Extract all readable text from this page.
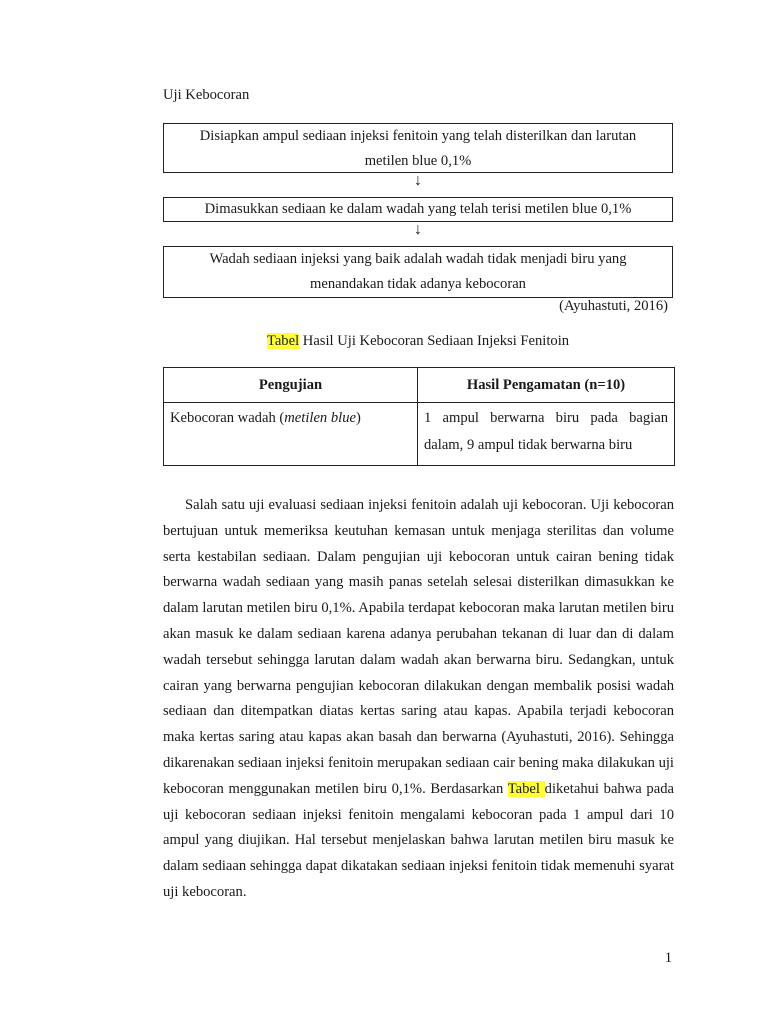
Uji Kebocoran
Disiapkan ampul sediaan injeksi fenitoin yang telah disterilkan dan larutan metilen blue 0,1%
↓
Dimasukkan sediaan ke dalam wadah yang telah terisi metilen blue 0,1%
↓
Wadah sediaan injeksi yang baik adalah wadah tidak menjadi biru yang menandakan tidak adanya kebocoran
(Ayuhastuti, 2016)
Tabel Hasil Uji Kebocoran Sediaan Injeksi Fenitoin
Pengujian	Hasil Pengamatan (n=10)
Kebocoran wadah (metilen blue)	1 ampul berwarna biru pada bagian dalam, 9 ampul tidak berwarna biru
Salah satu uji evaluasi sediaan injeksi fenitoin adalah uji kebocoran. Uji kebocoran bertujuan untuk memeriksa keutuhan kemasan untuk menjaga sterilitas dan volume serta kestabilan sediaan. Dalam pengujian uji kebocoran untuk cairan bening tidak berwarna wadah sediaan yang masih panas setelah selesai disterilkan dimasukkan ke dalam larutan metilen biru 0,1%. Apabila terdapat kebocoran maka larutan metilen biru akan masuk ke dalam sediaan karena adanya perubahan tekanan di luar dan di dalam wadah tersebut sehingga larutan dalam wadah akan berwarna biru. Sedangkan, untuk cairan yang berwarna pengujian kebocoran dilakukan dengan membalik posisi wadah sediaan dan ditempatkan diatas kertas saring atau kapas. Apabila terjadi kebocoran maka kertas saring atau kapas akan basah dan berwarna (Ayuhastuti, 2016). Sehingga dikarenakan sediaan injeksi fenitoin merupakan sediaan cair bening maka dilakukan uji kebocoran menggunakan metilen biru 0,1%. Berdasarkan Tabel diketahui bahwa pada uji kebocoran sediaan injeksi fenitoin mengalami kebocoran pada 1 ampul dari 10 ampul yang diujikan. Hal tersebut menjelaskan bahwa larutan metilen biru masuk ke dalam sediaan sehingga dapat dikatakan sediaan injeksi fenitoin tidak memenuhi syarat uji kebocoran.
1
